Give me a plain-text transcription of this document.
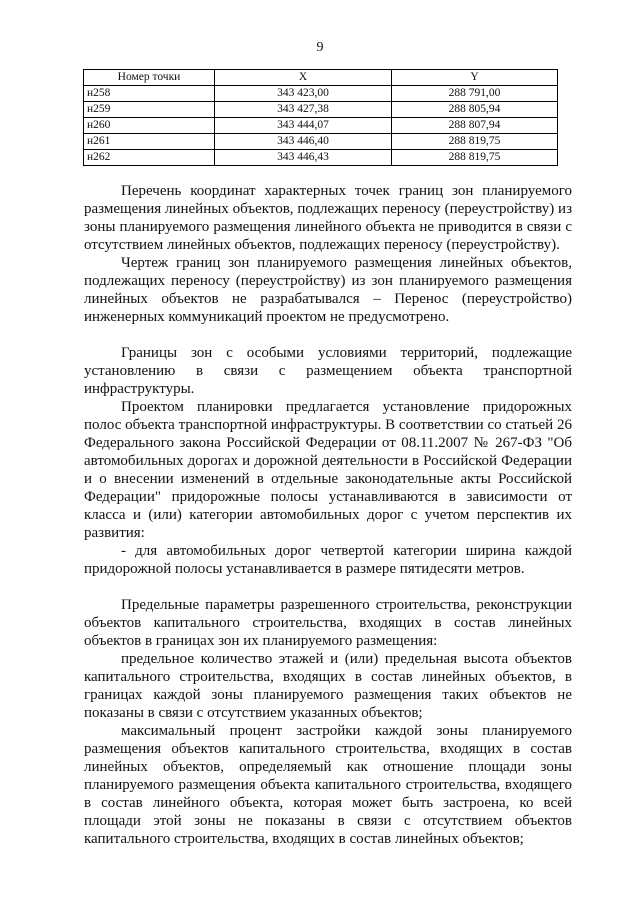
9
Номер точки	X	Y
н258	343 423,00	288 791,00
н259	343 427,38	288 805,94
н260	343 444,07	288 807,94
н261	343 446,40	288 819,75
н262	343 446,43	288 819,75

Перечень координат характерных точек границ зон планируемого размещения линейных объектов, подлежащих переносу (переустройству) из зоны планируемого размещения линейного объекта не приводится в связи с отсутствием линейных объектов, подлежащих переносу (переустройству).

Чертеж границ зон планируемого размещения линейных объектов, подлежащих переносу (переустройству) из зон планируемого размещения линейных объектов не разрабатывался – Перенос (переустройство) инженерных коммуникаций проектом не предусмотрено.

Границы зон с особыми условиями территорий, подлежащие установлению в связи с размещением объекта транспортной инфраструктуры.

Проектом планировки предлагается установление придорожных полос объекта транспортной инфраструктуры. В соответствии со статьей 26 Федерального закона Российской Федерации от 08.11.2007 № 267-ФЗ "Об автомобильных дорогах и дорожной деятельности в Российской Федерации и о внесении изменений в отдельные законодательные акты Российской Федерации" придорожные полосы устанавливаются в зависимости от класса и (или) категории автомобильных дорог с учетом перспектив их развития:

- для автомобильных дорог четвертой категории ширина каждой придорожной полосы устанавливается в размере пятидесяти метров.

Предельные параметры разрешенного строительства, реконструкции объектов капитального строительства, входящих в состав линейных объектов в границах зон их планируемого размещения:

предельное количество этажей и (или) предельная высота объектов капитального строительства, входящих в состав линейных объектов, в границах каждой зоны планируемого размещения таких объектов не показаны в связи с отсутствием указанных объектов;

максимальный процент застройки каждой зоны планируемого размещения объектов капитального строительства, входящих в состав линейных объектов, определяемый как отношение площади зоны планируемого размещения объекта капитального строительства, входящего в состав линейного объекта, которая может быть застроена, ко всей площади этой зоны не показаны в связи с отсутствием объектов капитального строительства, входящих в состав линейных объектов;
